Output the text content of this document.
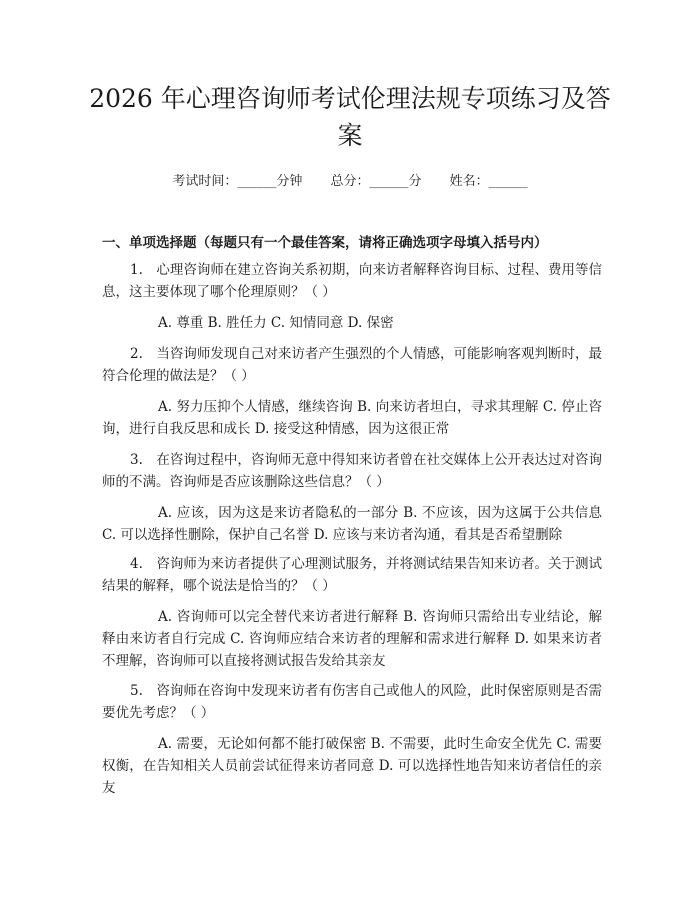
2026 年心理咨询师考试伦理法规专项练习及答案
考试时间：______分钟 总分：______分 姓名：______
一、单项选择题（每题只有一个最佳答案，请将正确选项字母填入括号内）

1.　心理咨询师在建立咨询关系初期，向来访者解释咨询目标、过程、费用等信息，这主要体现了哪个伦理原则？（ ）

A. 尊重 B. 胜任力 C. 知情同意 D. 保密

2.　当咨询师发现自己对来访者产生强烈的个人情感，可能影响客观判断时，最符合伦理的做法是？（ ）

A. 努力压抑个人情感，继续咨询 B. 向来访者坦白，寻求其理解 C. 停止咨询，进行自我反思和成长 D. 接受这种情感，因为这很正常

3.　在咨询过程中，咨询师无意中得知来访者曾在社交媒体上公开表达过对咨询师的不满。咨询师是否应该删除这些信息？（ ）

A. 应该，因为这是来访者隐私的一部分 B. 不应该，因为这属于公共信息 C. 可以选择性删除，保护自己名誉 D. 应该与来访者沟通，看其是否希望删除

4.　咨询师为来访者提供了心理测试服务，并将测试结果告知来访者。关于测试结果的解释，哪个说法是恰当的？（ ）

A. 咨询师可以完全替代来访者进行解释 B. 咨询师只需给出专业结论，解释由来访者自行完成 C. 咨询师应结合来访者的理解和需求进行解释 D. 如果来访者不理解，咨询师可以直接将测试报告发给其亲友

5.　咨询师在咨询中发现来访者有伤害自己或他人的风险，此时保密原则是否需要优先考虑？（ ）

A. 需要，无论如何都不能打破保密 B. 不需要，此时生命安全优先 C. 需要权衡，在告知相关人员前尝试征得来访者同意 D. 可以选择性地告知来访者信任的亲友
